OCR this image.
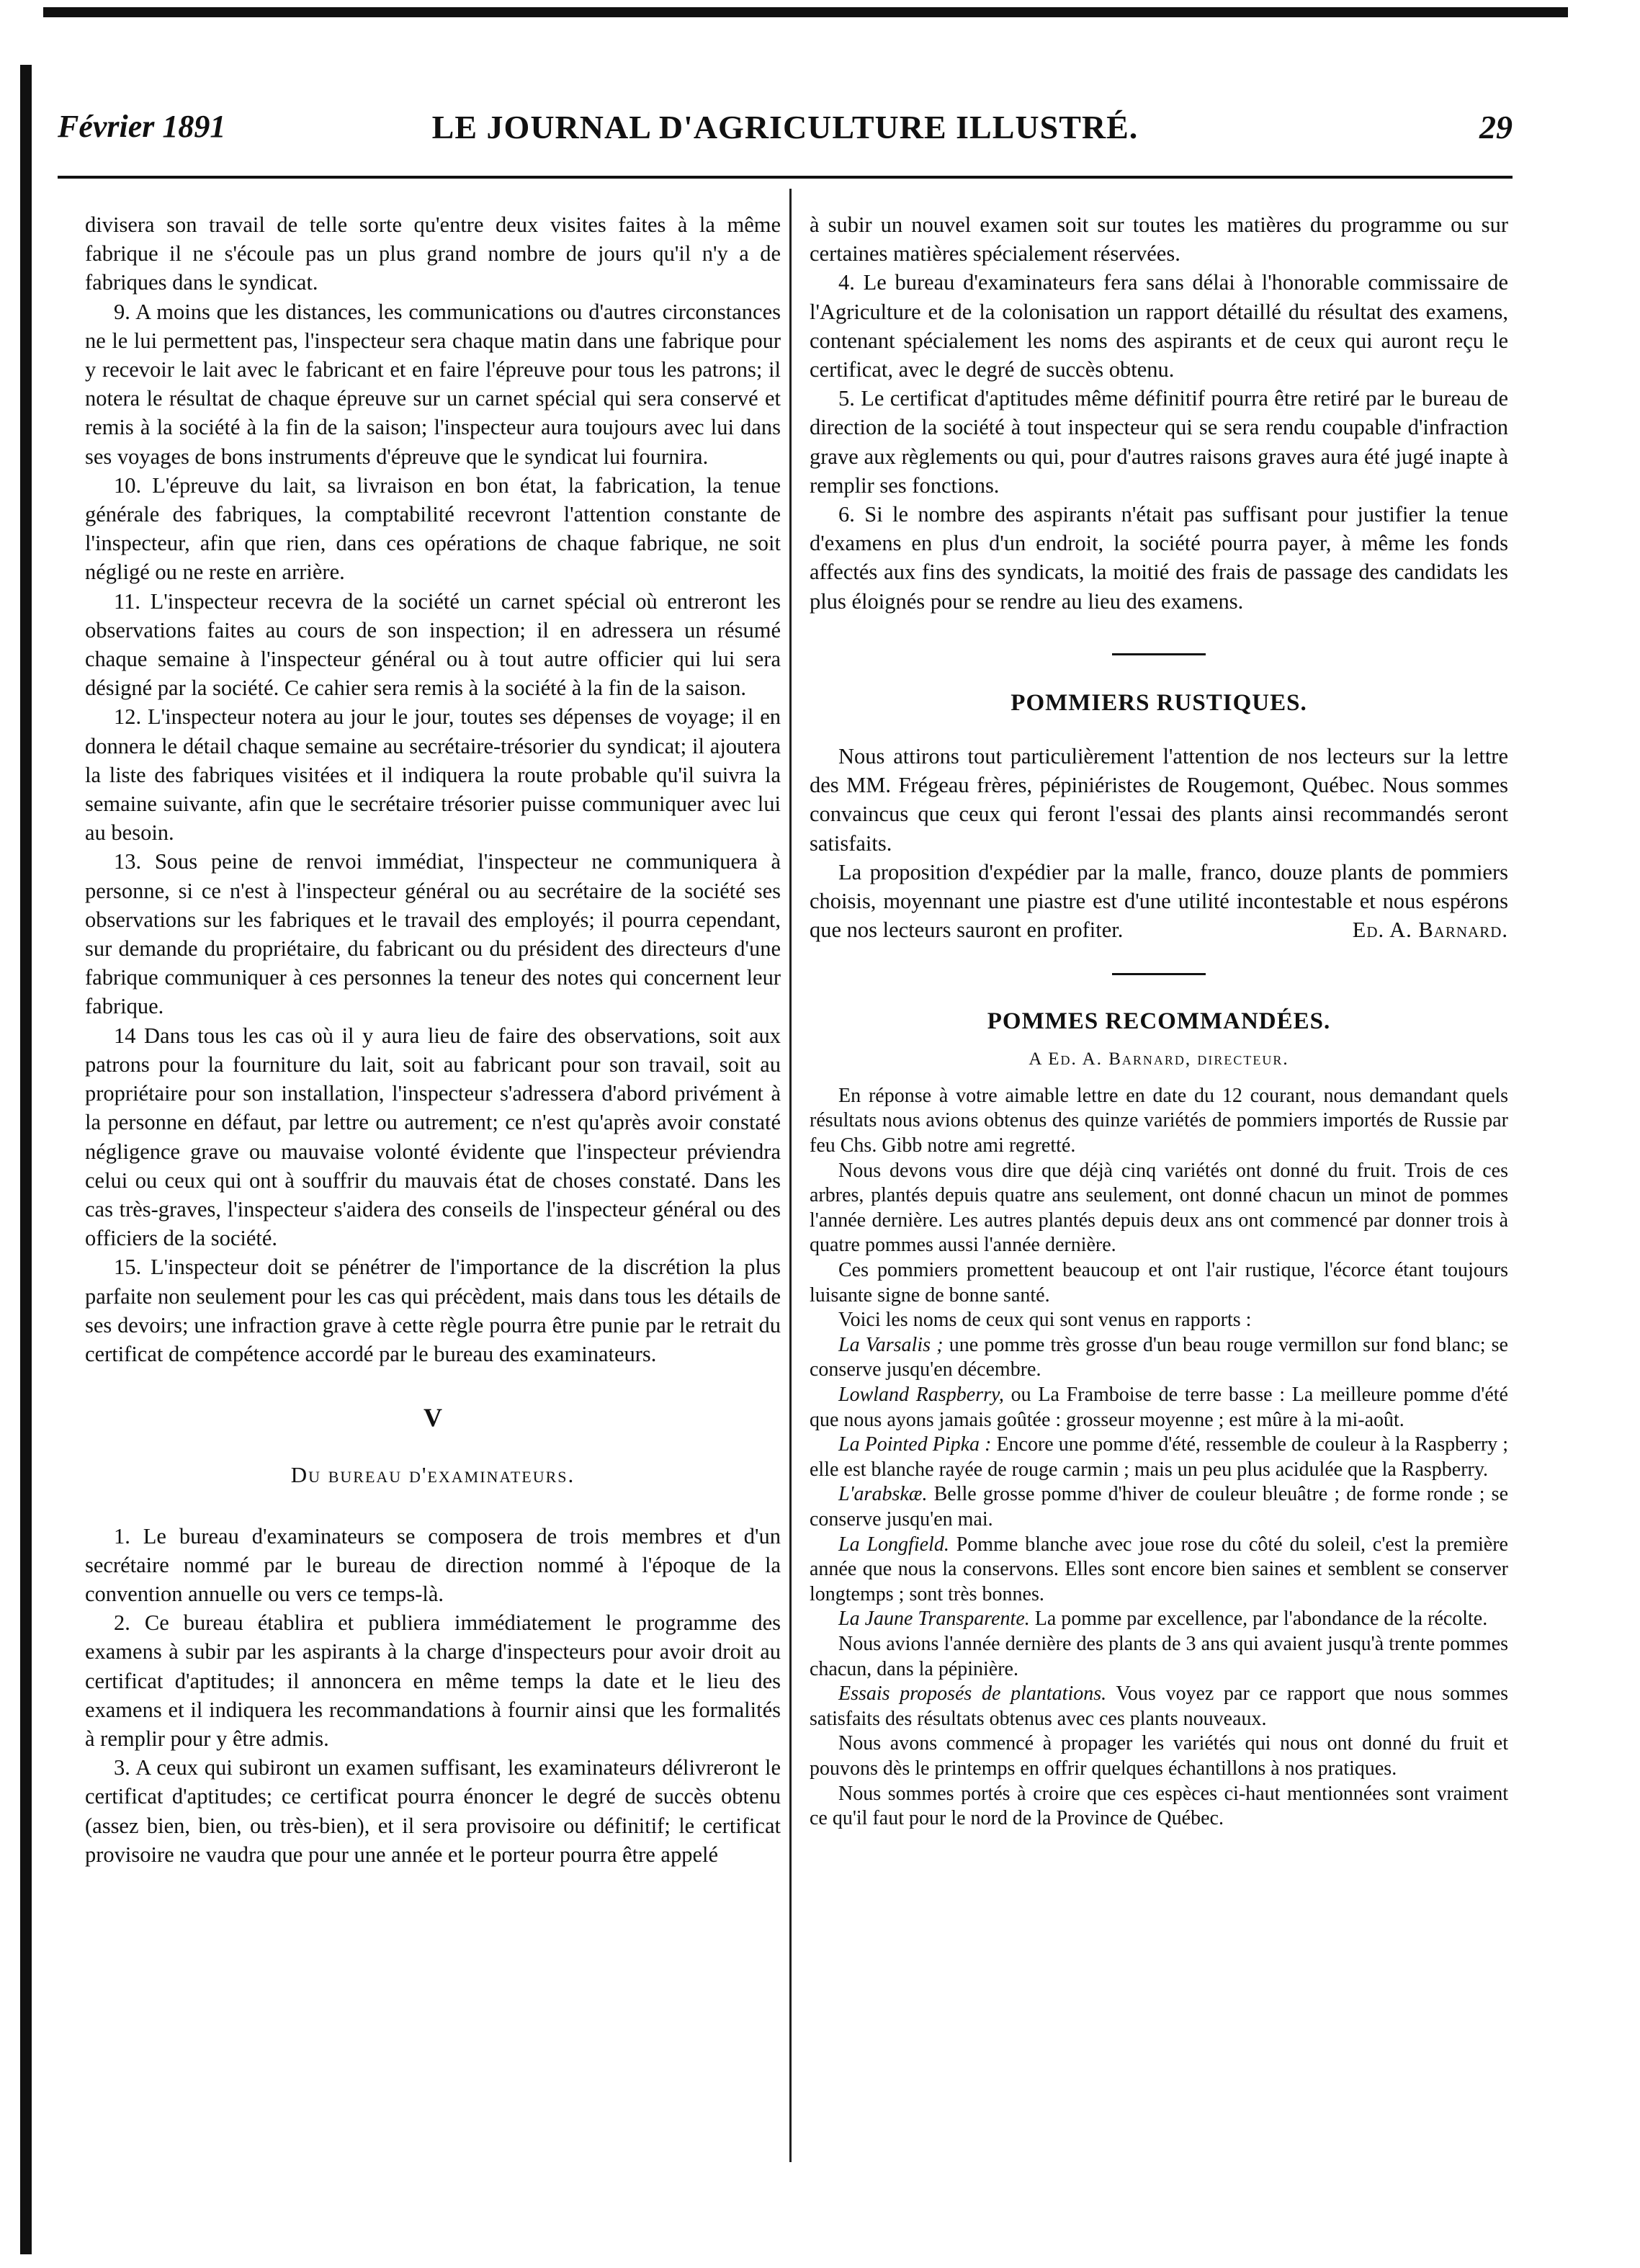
Février 1891	LE JOURNAL D'AGRICULTURE ILLUSTRÉ.	29

divisera son travail de telle sorte qu'entre deux visites faites à la même fabrique il ne s'écoule pas un plus grand nombre de jours qu'il n'y a de fabriques dans le syndicat.

9. A moins que les distances, les communications ou d'autres circonstances ne le lui permettent pas, l'inspecteur sera chaque matin dans une fabrique pour y recevoir le lait avec le fabricant et en faire l'épreuve pour tous les patrons; il notera le résultat de chaque épreuve sur un carnet spécial qui sera conservé et remis à la société à la fin de la saison; l'inspecteur aura toujours avec lui dans ses voyages de bons instruments d'épreuve que le syndicat lui fournira.

10. L'épreuve du lait, sa livraison en bon état, la fabrication, la tenue générale des fabriques, la comptabilité recevront l'attention constante de l'inspecteur, afin que rien, dans ces opérations de chaque fabrique, ne soit négligé ou ne reste en arrière.

11. L'inspecteur recevra de la société un carnet spécial où entreront les observations faites au cours de son inspection; il en adressera un résumé chaque semaine à l'inspecteur général ou à tout autre officier qui lui sera désigné par la société. Ce cahier sera remis à la société à la fin de la saison.

12. L'inspecteur notera au jour le jour, toutes ses dépenses de voyage; il en donnera le détail chaque semaine au secrétaire-trésorier du syndicat; il ajoutera la liste des fabriques visitées et il indiquera la route probable qu'il suivra la semaine suivante, afin que le secrétaire trésorier puisse communiquer avec lui au besoin.

13. Sous peine de renvoi immédiat, l'inspecteur ne communiquera à personne, si ce n'est à l'inspecteur général ou au secrétaire de la société ses observations sur les fabriques et le travail des employés; il pourra cependant, sur demande du propriétaire, du fabricant ou du président des directeurs d'une fabrique communiquer à ces personnes la teneur des notes qui concernent leur fabrique.

14 Dans tous les cas où il y aura lieu de faire des observations, soit aux patrons pour la fourniture du lait, soit au fabricant pour son travail, soit au propriétaire pour son installation, l'inspecteur s'adressera d'abord privément à la personne en défaut, par lettre ou autrement; ce n'est qu'après avoir constaté négligence grave ou mauvaise volonté évidente que l'inspecteur préviendra celui ou ceux qui ont à souffrir du mauvais état de choses constaté. Dans les cas très-graves, l'inspecteur s'aidera des conseils de l'inspecteur général ou des officiers de la société.

15. L'inspecteur doit se pénétrer de l'importance de la discrétion la plus parfaite non seulement pour les cas qui précèdent, mais dans tous les détails de ses devoirs; une infraction grave à cette règle pourra être punie par le retrait du certificat de compétence accordé par le bureau des examinateurs.

V

Du bureau d'examinateurs.

1. Le bureau d'examinateurs se composera de trois membres et d'un secrétaire nommé par le bureau de direction nommé à l'époque de la convention annuelle ou vers ce temps-là.

2. Ce bureau établira et publiera immédiatement le programme des examens à subir par les aspirants à la charge d'inspecteurs pour avoir droit au certificat d'aptitudes; il annoncera en même temps la date et le lieu des examens et il indiquera les recommandations à fournir ainsi que les formalités à remplir pour y être admis.

3. A ceux qui subiront un examen suffisant, les examinateurs délivreront le certificat d'aptitudes; ce certificat pourra énoncer le degré de succès obtenu (assez bien, bien, ou très-bien), et il sera provisoire ou définitif; le certificat provisoire ne vaudra que pour une année et le porteur pourra être appelé

à subir un nouvel examen soit sur toutes les matières du programme ou sur certaines matières spécialement réservées.

4. Le bureau d'examinateurs fera sans délai à l'honorable commissaire de l'Agriculture et de la colonisation un rapport détaillé du résultat des examens, contenant spécialement les noms des aspirants et de ceux qui auront reçu le certificat, avec le degré de succès obtenu.

5. Le certificat d'aptitudes même définitif pourra être retiré par le bureau de direction de la société à tout inspecteur qui se sera rendu coupable d'infraction grave aux règlements ou qui, pour d'autres raisons graves aura été jugé inapte à remplir ses fonctions.

6. Si le nombre des aspirants n'était pas suffisant pour justifier la tenue d'examens en plus d'un endroit, la société pourra payer, à même les fonds affectés aux fins des syndicats, la moitié des frais de passage des candidats les plus éloignés pour se rendre au lieu des examens.

POMMIERS RUSTIQUES.

Nous attirons tout particulièrement l'attention de nos lecteurs sur la lettre des MM. Frégeau frères, pépiniéristes de Rougemont, Québec. Nous sommes convaincus que ceux qui feront l'essai des plants ainsi recommandés seront satisfaits.

La proposition d'expédier par la malle, franco, douze plants de pommiers choisis, moyennant une piastre est d'une utilité incontestable et nous espérons que nos lecteurs sauront en profiter.	Ed. A. Barnard.

POMMES RECOMMANDÉES.

A Ed. A. Barnard, directeur.

En réponse à votre aimable lettre en date du 12 courant, nous demandant quels résultats nous avions obtenus des quinze variétés de pommiers importés de Russie par feu Chs. Gibb notre ami regretté.

Nous devons vous dire que déjà cinq variétés ont donné du fruit. Trois de ces arbres, plantés depuis quatre ans seulement, ont donné chacun un minot de pommes l'année dernière. Les autres plantés depuis deux ans ont commencé par donner trois à quatre pommes aussi l'année dernière.

Ces pommiers promettent beaucoup et ont l'air rustique, l'écorce étant toujours luisante signe de bonne santé.

Voici les noms de ceux qui sont venus en rapports :

La Varsalis ; une pomme très grosse d'un beau rouge vermillon sur fond blanc; se conserve jusqu'en décembre.

Lowland Raspberry, ou La Framboise de terre basse : La meilleure pomme d'été que nous ayons jamais goûtée : grosseur moyenne ; est mûre à la mi-août.

La Pointed Pipka : Encore une pomme d'été, ressemble de couleur à la Raspberry ; elle est blanche rayée de rouge carmin ; mais un peu plus acidulée que la Raspberry.

L'arabskæ. Belle grosse pomme d'hiver de couleur bleuâtre ; de forme ronde ; se conserve jusqu'en mai.

La Longfield. Pomme blanche avec joue rose du côté du soleil, c'est la première année que nous la conservons. Elles sont encore bien saines et semblent se conserver longtemps ; sont très bonnes.

La Jaune Transparente. La pomme par excellence, par l'abondance de la récolte.

Nous avions l'année dernière des plants de 3 ans qui avaient jusqu'à trente pommes chacun, dans la pépinière.

Essais proposés de plantations. Vous voyez par ce rapport que nous sommes satisfaits des résultats obtenus avec ces plants nouveaux.

Nous avons commencé à propager les variétés qui nous ont donné du fruit et pouvons dès le printemps en offrir quelques échantillons à nos pratiques.

Nous sommes portés à croire que ces espèces ci-haut mentionnées sont vraiment ce qu'il faut pour le nord de la Province de Québec.
